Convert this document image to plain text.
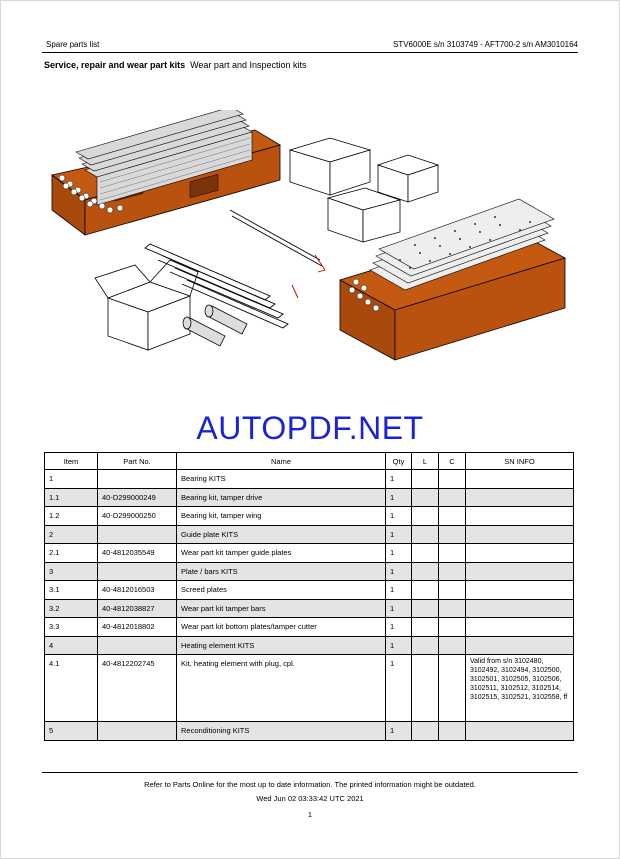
Spare parts list	STV6000E s/n 3103749 - AFT700-2 s/n AM3010164
Service, repair and wear part kits Wear part and Inspection kits
AUTOPDF.NET
Item	Part No.	Name	Qty	L	C	SN INFO
1		Bearing KITS	1			
1.1	40-D299000249	Bearing kit, tamper drive	1			
1.2	40-D299000250	Bearing kit, tamper wing	1			
2		Guide plate KITS	1			
2.1	40-4812035549	Wear part kit tamper guide plates	1			
3		Plate / bars KITS	1			
3.1	40-4812016503	Screed plates	1			
3.2	40-4812038827	Wear part kit tamper bars	1			
3.3	40-4812018802	Wear part kit bottom plates/tamper cutter	1			
4		Heating element KITS	1			
4.1	40-4812202745	Kit, heating element with plug, cpl.	1			Valid from s/n 3102480, 3102492, 3102494, 3102500, 3102501, 3102505, 3102506, 3102511, 3102512, 3102514, 3102515, 3102521, 3102558, ff
5		Reconditioning KITS	1			
Refer to Parts Online for the most up to date information. The printed information might be outdated.
Wed Jun 02 03:33:42 UTC 2021
1
